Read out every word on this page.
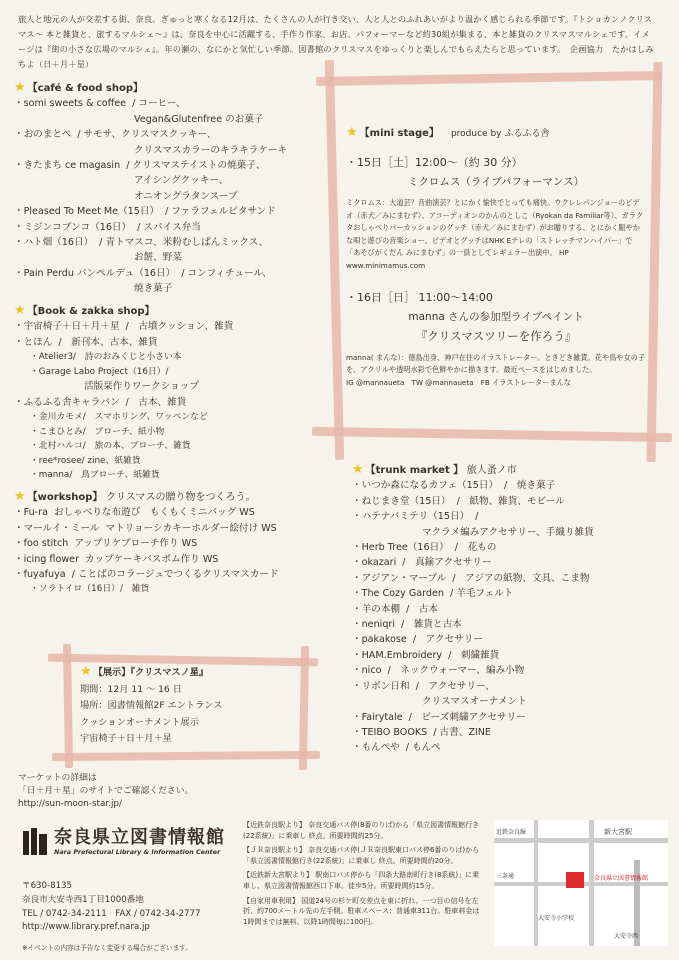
旅人と地元の人が交差する街、奈良。ぎゅっと寒くなる12月は、たくさんの人が行き交い、人と人とのふれあいがより温かく感じられる季節です。『トショカンノクリスマス〜 本と雑貨と、旅するマルシェ〜』は、奈良を中心に活躍する、手作り作家、お店、パフォーマーなど約30組が集まる、本と雑貨のクリスマスマルシェです。イメージは『街の小さな広場のマルシェ』。年の瀬の、なにかと気忙しい季節。図書館のクリスマスをゆっくりと楽しんでもらえたらと思っています。　企画協力　たかはしみちよ（日＋月＋星）
★ 【café & food shop】
・somi sweets & coffee / コーヒー、
Vegan&Glutenfree のお菓子
・おのまとぺ / サモサ、クリスマスクッキー、
クリスマスカラーのキラキラケーキ
・きたまち ce magasin / クリスマステイストの焼菓子、
アイシングクッキー、
オニオングラタンスープ
・Pleased To Meet Me（15日） / ファラフェルピタサンド
・ミジンコブンコ（16日） / スパイス弁当
・ハト畑（16日） / 青トマスコ、米粉むしぱんミックス、
お餅、野菜
・Pain Perdu パンペルデュ（16日） / コンフィチュール、
焼き菓子
★ 【Book & zakka shop】
・宇宙椅子＋日＋月＋星 /　古墳クッション、雑貨
・とほん /　新刊本、古本、雑貨
・Atelier3/　詩のおみくじと小さい本
・Garage Labo Project（16日）/
活版栞作りワークショップ
・ふるふる舎キャラバン /　古本、雑貨
・金川カモメ/　スマホリング、ワッペンなど
・こまひとみ/　ブローチ、紙小物
・北村ハルコ/　旅の本、ブローチ、雑貨
・ree*rosee/ zine、紙雑貨
・manna/　鳥ブローチ、紙雑貨
★ 【workshop】 クリスマスの贈り物をつくろう。
・Fu-ra おしゃべりな布遊び　もくもくミニバッグ WS
・マールイ・ミール マトリョーシカキーホルダー絵付け WS
・foo stitch アップリケブローチ作り WS
・icing flower カップケーキバスボム作り WS
・fuyafuya / ことばのコラージュでつくるクリスマスカード
・ソラトイロ（16日）/　雑貨
★ 【mini stage】 produce by ふるふる舎
・15日［土］12:00〜（約 30 分）
ミクロムス（ライブパフォーマンス）
ミクロムス：大道芸？音曲演芸？とにかく愉快でとっても痛快。ウクレレパンジョーのピデオ（赤犬／みにまむず）、アコーディオンのかんのとしこ（Ryokan da Familiar等）、ガラクタおしゃべりパーカッションのグッチ（赤犬／みにまむず）がお贈りする、とにかく賑やかな唄と遊びの音楽ショー。ピデオとグッチはNHK Eテレの「ストレッチマンハイパー」で「あそびがくだん みにまむず」の一員としてレギュラー出演中。 HP www.minimamus.com
・16日［日］ 11:00〜14:00
manna さんの参加型ライブペイント
『クリスマスツリーを作ろう』
manna( まんな）：徳島出身、神戸在住のイラストレーター。ときどき雑貨。花や鳥や女の子を、アクリルや透明水彩で色鮮やかに描きます。最近ペースをはじめました。
IG @mannaueta　TW @mannaueta　FB イラストレーターまんな
★ 【trunk market 】 旅人蚤ノ市
・いつか森になるカフェ（15日） /　焼き菓子
・ねじまき堂（15日） /　紙物、雑貨、モビール
・ハテナバミテリ（15日） /
マクラメ編みアクセサリー、手織り雑貨
・Herb Tree（16日） /　花もの
・okazari /　真鍮アクセサリー
・アジアン・マーブル /　アジアの紙物、文具、こま物
・The Cozy Garden / 羊毛フェルト
・羊の本棚 /　古本
・neniqri /　雑貨と古本
・pakakose /　アクセサリー
・HAM.Embroidery /　刺繍雑貨
・nico /　ネックウォーマー、編み小物
・リボン日和 /　アクセサリー、
クリスマスオーナメント
・Fairytale /　ビーズ刺繍アクセサリー
・TEIBO BOOKS / 古書、ZINE
・もんぺや / もんぺ
★ 【展示】『クリスマスノ星』
期間：12月 11 〜 16 日
場所：図書情報館2F エントランス
クッションオーナメント展示
宇宙椅子＋日＋月＋星
マーケットの詳細は
「日＋月＋星」のサイトでご確認ください。
http://sun-moon-star.jp/
奈良県立図書情報館
Nara Prefectural Library & Information Center
〒630-8135
奈良市大安寺西1丁目1000番地
TEL / 0742-34-2111　FAX / 0742-34-2777
http://www.library.pref.nara.jp
※イベントの内容は予告なく変更する場合がございます。

【近鉄奈良駅より】 奈良交通バス停(8番のりば)から「県立図書情報館行き(22系統)」に乗車し 終点。所要時間約25分。

【ＪＲ奈良駅より】 奈良交通バス停(ＪＲ奈良駅東口バス停6番のりば)から「県立図書情報館行き(22系統)」に乗車し 終点。所要時間約20分。

【近鉄新大宮駅より】 駅南口バス停から「四条大路南町行き(8系統)」に乗車し、県立図書情報館西口下車。徒歩5分。所要時間約15分。

【自家用車利用】 国道24号の杉ケ町交差点を東に折れ、一つ目の信号を左折、約700メートル先の左手側。駐車スペース：普通車311台。駐車料金は1時間までは無料、以降1時間毎に100円。

新大宮駅
近鉄奈良線
奈良県立図書情報館
三条通
大安寺小学校
大安寺西
